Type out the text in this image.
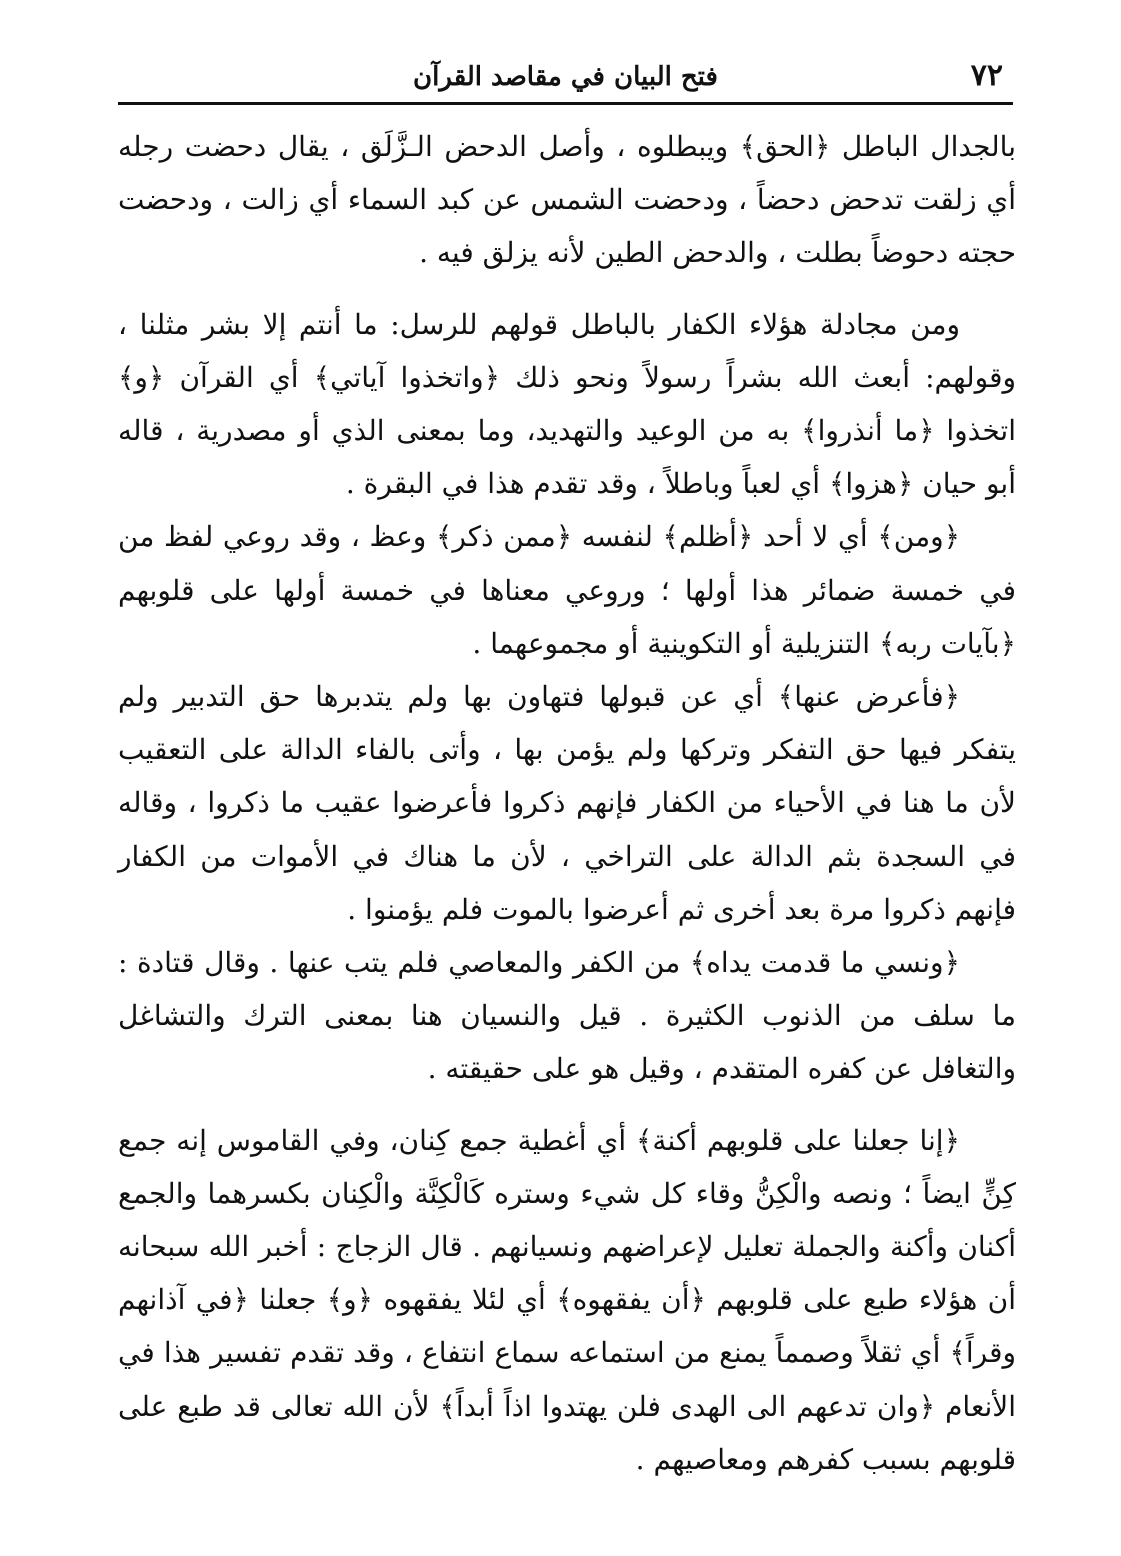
٧٢
فتح البيان في مقاصد القرآن

بالجدال الباطل ﴿الحق﴾ ويبطلوه ، وأصل الدحض الـزَّلَق ، يقال دحضت رجله أي زلقت تدحض دحضاً ، ودحضت الشمس عن كبد السماء أي زالت ، ودحضت حجته دحوضاً بطلت ، والدحض الطين لأنه يزلق فيه .

ومن مجادلة هؤلاء الكفار بالباطل قولهم للرسل: ما أنتم إلا بشر مثلنا ، وقولهم: أبعث الله بشراً رسولاً ونحو ذلك ﴿واتخذوا آياتي﴾ أي القرآن ﴿و﴾ اتخذوا ﴿ما أنذروا﴾ به من الوعيد والتهديد، وما بمعنى الذي أو مصدرية ، قاله أبو حيان ﴿هزوا﴾ أي لعباً وباطلاً ، وقد تقدم هذا في البقرة .

﴿ومن﴾ أي لا أحد ﴿أظلم﴾ لنفسه ﴿ممن ذكر﴾ وعظ ، وقد روعي لفظ من في خمسة ضمائر هذا أولها ؛ وروعي معناها في خمسة أولها على قلوبهم ﴿بآيات ربه﴾ التنزيلية أو التكوينية أو مجموعهما .

﴿فأعرض عنها﴾ أي عن قبولها فتهاون بها ولم يتدبرها حق التدبير ولم يتفكر فيها حق التفكر وتركها ولم يؤمن بها ، وأتى بالفاء الدالة على التعقيب لأن ما هنا في الأحياء من الكفار فإنهم ذكروا فأعرضوا عقيب ما ذكروا ، وقاله في السجدة بثم الدالة على التراخي ، لأن ما هناك في الأموات من الكفار فإنهم ذكروا مرة بعد أخرى ثم أعرضوا بالموت فلم يؤمنوا .

﴿ونسي ما قدمت يداه﴾ من الكفر والمعاصي فلم يتب عنها . وقال قتادة : ما سلف من الذنوب الكثيرة . قيل والنسيان هنا بمعنى الترك والتشاغل والتغافل عن كفره المتقدم ، وقيل هو على حقيقته .

﴿إنا جعلنا على قلوبهم أكنة﴾ أي أغطية جمع كِنان، وفي القاموس إنه جمع كِنٍّ ايضاً ؛ ونصه والْكِنُّ وقاء كل شيء وستره كَالْكِنَّة والْكِنان بكسرهما والجمع أكنان وأكنة والجملة تعليل لإعراضهم ونسيانهم . قال الزجاج : أخبر الله سبحانه أن هؤلاء طبع على قلوبهم ﴿أن يفقهوه﴾ أي لئلا يفقهوه ﴿و﴾ جعلنا ﴿في آذانهم وقراً﴾ أي ثقلاً وصمماً يمنع من استماعه سماع انتفاع ، وقد تقدم تفسير هذا في الأنعام ﴿وان تدعهم الى الهدى فلن يهتدوا اذاً أبداً﴾ لأن الله تعالى قد طبع على قلوبهم بسبب كفرهم ومعاصيهم .
